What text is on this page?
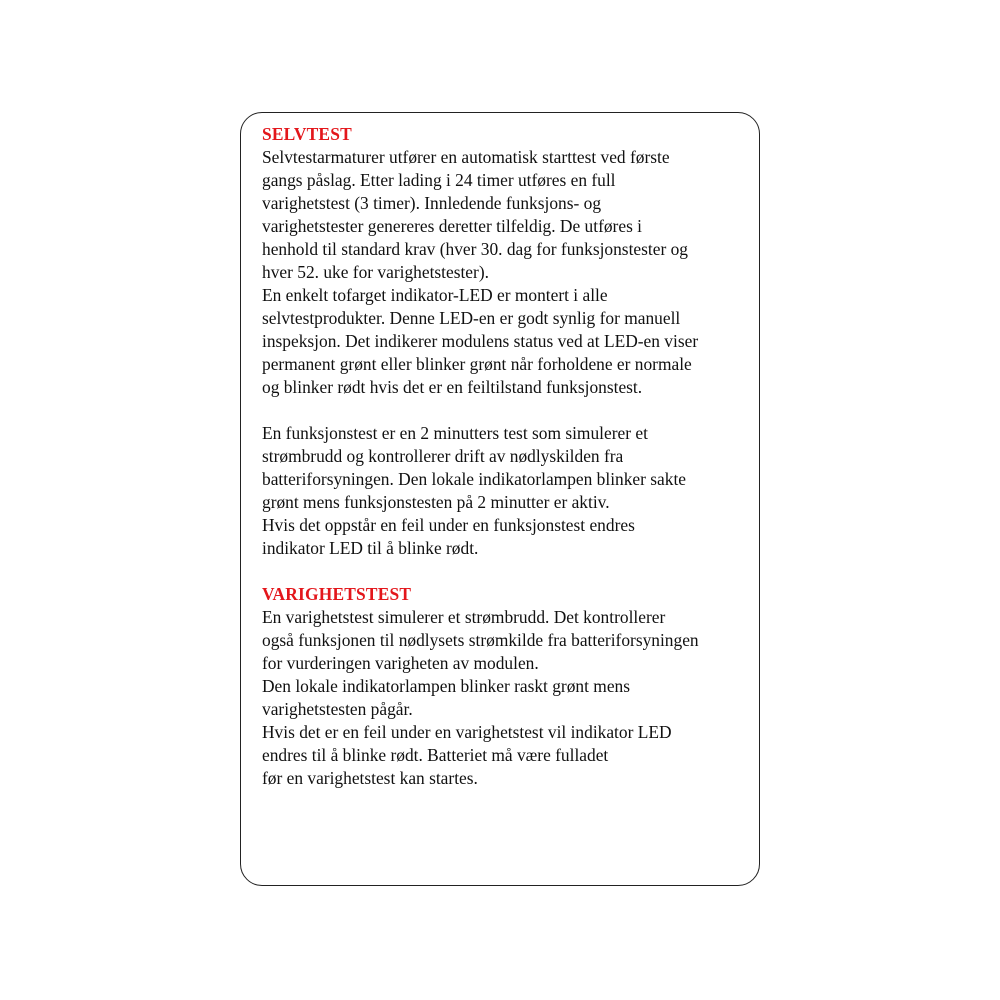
SELVTEST
Selvtestarmaturer utfører en automatisk starttest ved første
gangs påslag. Etter lading i 24 timer utføres en full
varighetstest (3 timer). Innledende funksjons- og
varighetstester genereres deretter tilfeldig. De utføres i
henhold til standard krav (hver 30. dag for funksjonstester og
hver 52. uke for varighetstester).
En enkelt tofarget indikator-LED er montert i alle
selvtestprodukter. Denne LED-en er godt synlig for manuell
inspeksjon. Det indikerer modulens status ved at LED-en viser
permanent grønt eller blinker grønt når forholdene er normale
og blinker rødt hvis det er en feiltilstand funksjonstest.
En funksjonstest er en 2 minutters test som simulerer et
strømbrudd og kontrollerer drift av nødlyskilden fra
batteriforsyningen. Den lokale indikatorlampen blinker sakte
grønt mens funksjonstesten på 2 minutter er aktiv.
Hvis det oppstår en feil under en funksjonstest endres
indikator LED til å blinke rødt.
VARIGHETSTEST
En varighetstest simulerer et strømbrudd. Det kontrollerer
også funksjonen til nødlysets strømkilde fra batteriforsyningen
for vurderingen varigheten av modulen.
Den lokale indikatorlampen blinker raskt grønt mens
varighetstesten pågår.
Hvis det er en feil under en varighetstest vil indikator LED
endres til å blinke rødt. Batteriet må være fulladet
før en varighetstest kan startes.
